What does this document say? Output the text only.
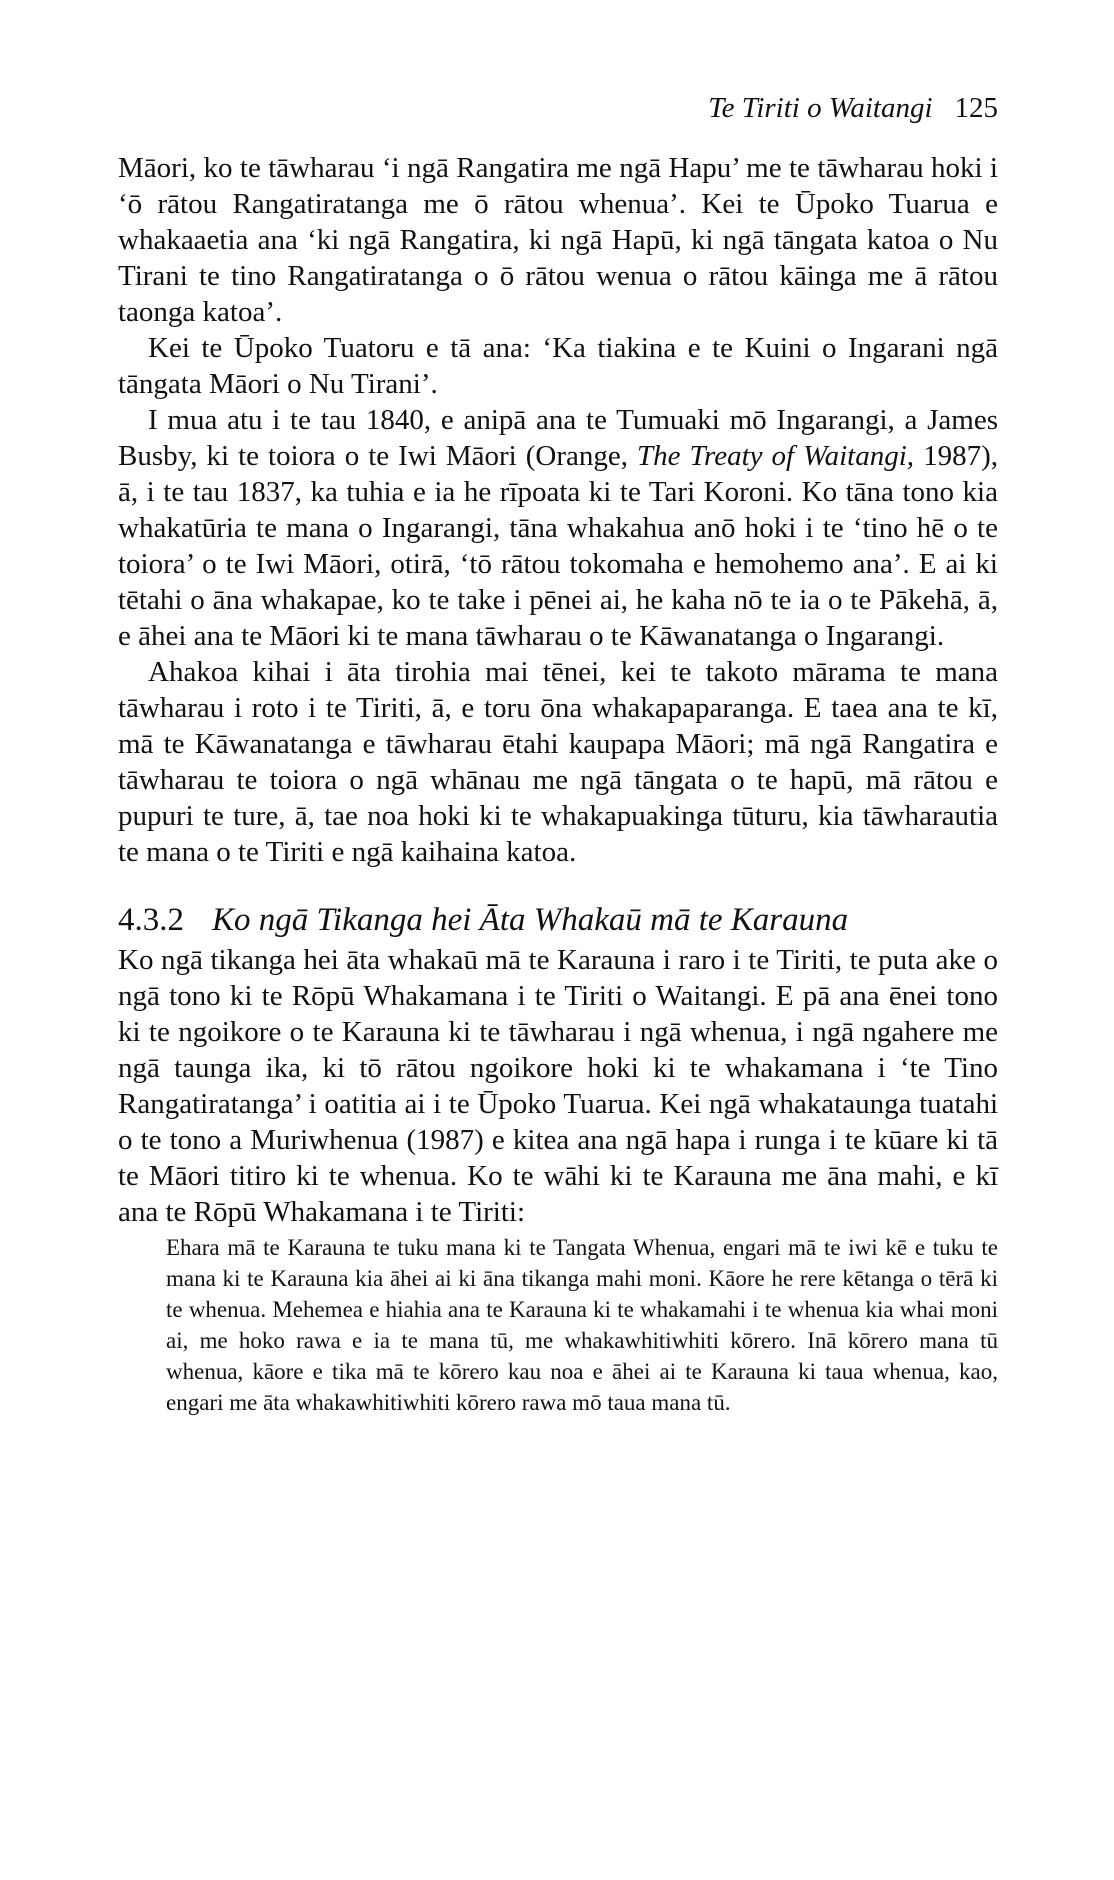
Te Tiriti o Waitangi 125

Māori, ko te tāwharau ‘i ngā Rangatira me ngā Hapu’ me te tāwharau hoki i ‘ō rātou Rangatiratanga me ō rātou whenua’. Kei te Ūpoko Tuarua e whakaaetia ana ‘ki ngā Rangatira, ki ngā Hapū, ki ngā tāngata katoa o Nu Tirani te tino Rangatiratanga o ō rātou wenua o rātou kāinga me ā rātou taonga katoa’.

Kei te Ūpoko Tuatoru e tā ana: ‘Ka tiakina e te Kuini o Ingarani ngā tāngata Māori o Nu Tirani’.

I mua atu i te tau 1840, e anipā ana te Tumuaki mō Ingarangi, a James Busby, ki te toiora o te Iwi Māori (Orange, The Treaty of Waitangi, 1987), ā, i te tau 1837, ka tuhia e ia he rīpoata ki te Tari Koroni. Ko tāna tono kia whakatūria te mana o Ingarangi, tāna whakahua anō hoki i te ‘tino hē o te toiora’ o te Iwi Māori, otirā, ‘tō rātou tokomaha e hemohemo ana’. E ai ki tētahi o āna whakapae, ko te take i pēnei ai, he kaha nō te ia o te Pākehā, ā, e āhei ana te Māori ki te mana tāwharau o te Kāwanatanga o Ingarangi.

Ahakoa kihai i āta tirohia mai tēnei, kei te takoto mārama te mana tāwharau i roto i te Tiriti, ā, e toru ōna whakapaparanga. E taea ana te kī, mā te Kāwanatanga e tāwharau ētahi kaupapa Māori; mā ngā Rangatira e tāwharau te toiora o ngā whānau me ngā tāngata o te hapū, mā rātou e pupuri te ture, ā, tae noa hoki ki te whakapuakinga tūturu, kia tāwharautia te mana o te Tiriti e ngā kaihaina katoa.

4.3.2 Ko ngā Tikanga hei Āta Whakaū mā te Karauna

Ko ngā tikanga hei āta whakaū mā te Karauna i raro i te Tiriti, te puta ake o ngā tono ki te Rōpū Whakamana i te Tiriti o Waitangi. E pā ana ēnei tono ki te ngoikore o te Karauna ki te tāwharau i ngā whenua, i ngā ngahere me ngā taunga ika, ki tō rātou ngoikore hoki ki te whakamana i ‘te Tino Rangatiratanga’ i oatitia ai i te Ūpoko Tuarua. Kei ngā whakataunga tuatahi o te tono a Muriwhenua (1987) e kitea ana ngā hapa i runga i te kūare ki tā te Māori titiro ki te whenua. Ko te wāhi ki te Karauna me āna mahi, e kī ana te Rōpū Whakamana i te Tiriti:

Ehara mā te Karauna te tuku mana ki te Tangata Whenua, engari mā te iwi kē e tuku te mana ki te Karauna kia āhei ai ki āna tikanga mahi moni. Kāore he rere kētanga o tērā ki te whenua. Mehemea e hiahia ana te Karauna ki te whakamahi i te whenua kia whai moni ai, me hoko rawa e ia te mana tū, me whakawhitiwhiti kōrero. Inā kōrero mana tū whenua, kāore e tika mā te kōrero kau noa e āhei ai te Karauna ki taua whenua, kao, engari me āta whakawhitiwhiti kōrero rawa mō taua mana tū.
